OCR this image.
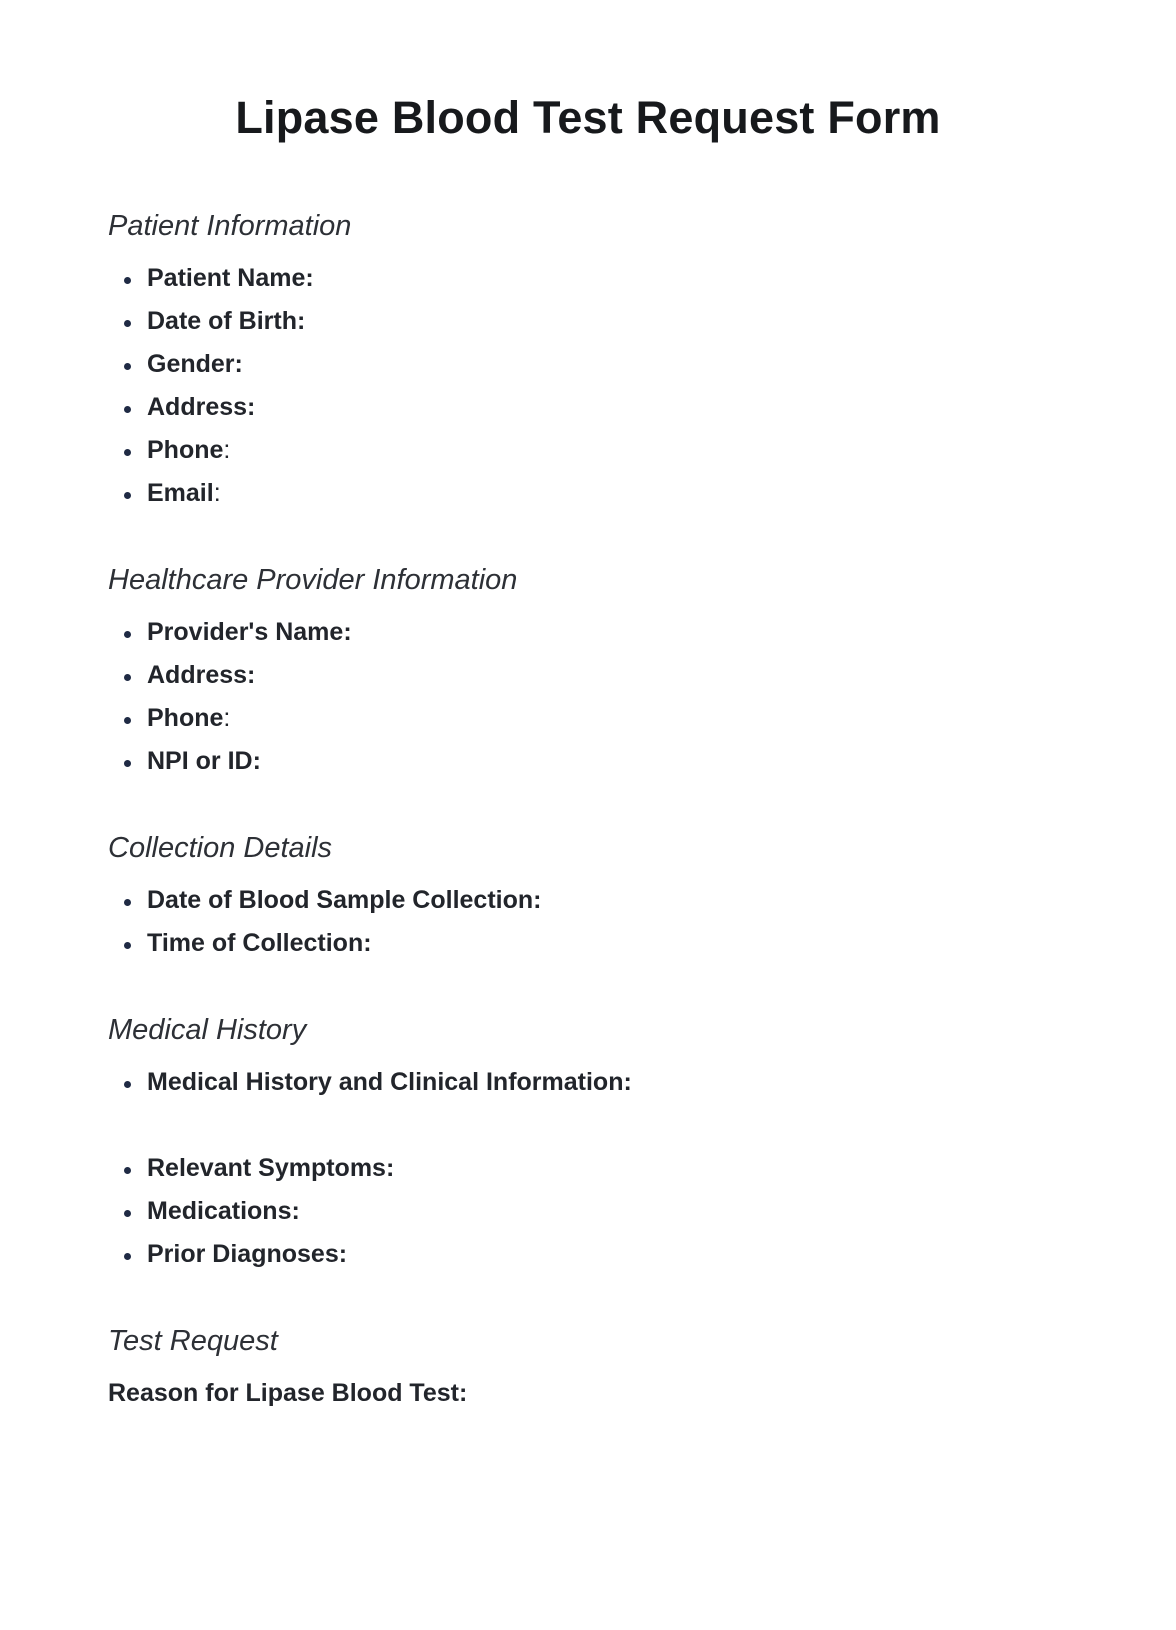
Lipase Blood Test Request Form
Patient Information
Patient Name:
Date of Birth:
Gender:
Address:
Phone:
Email:
Healthcare Provider Information
Provider's Name:
Address:
Phone:
NPI or ID:
Collection Details
Date of Blood Sample Collection:
Time of Collection:
Medical History
Medical History and Clinical Information:
Relevant Symptoms:
Medications:
Prior Diagnoses:
Test Request

Reason for Lipase Blood Test:
